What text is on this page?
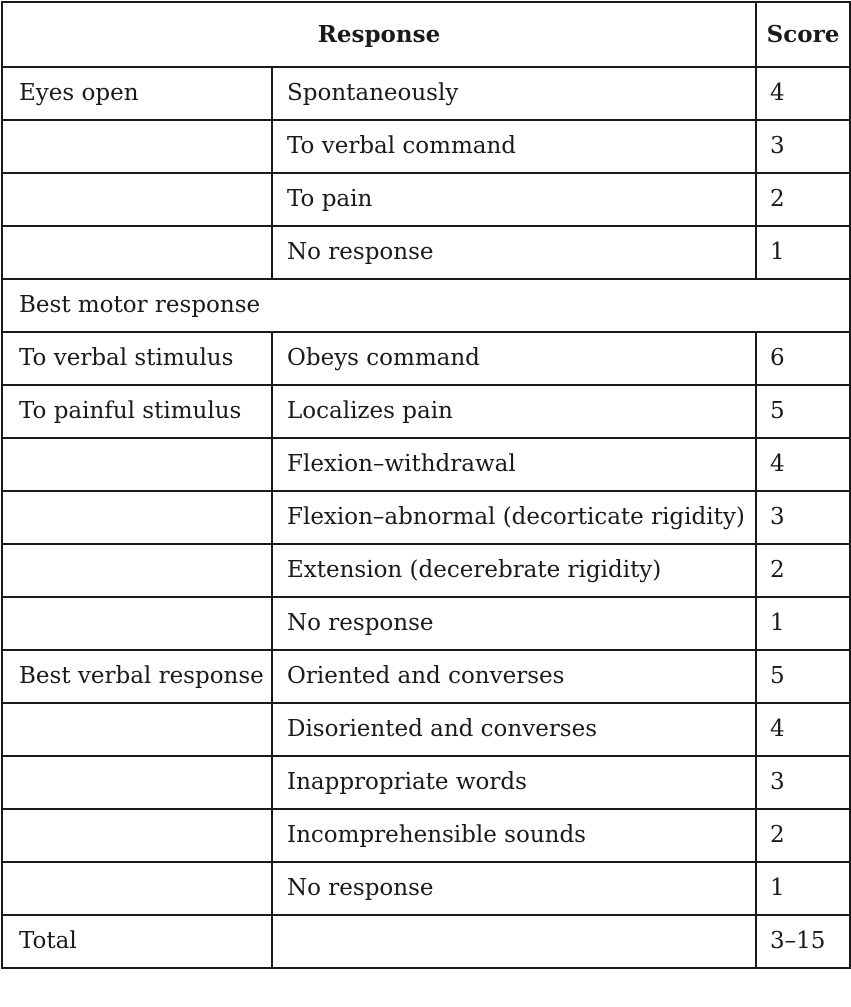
Response		Score
Eyes open	Spontaneously	4
	To verbal command	3
	To pain	2
	No response	1
Best motor response		
To verbal stimulus	Obeys command	6
To painful stimulus	Localizes pain	5
	Flexion–withdrawal	4
	Flexion–abnormal (decorticate rigidity)	3
	Extension (decerebrate rigidity)	2
	No response	1
Best verbal response	Oriented and converses	5
	Disoriented and converses	4
	Inappropriate words	3
	Incomprehensible sounds	2
	No response	1
Total		3–15
